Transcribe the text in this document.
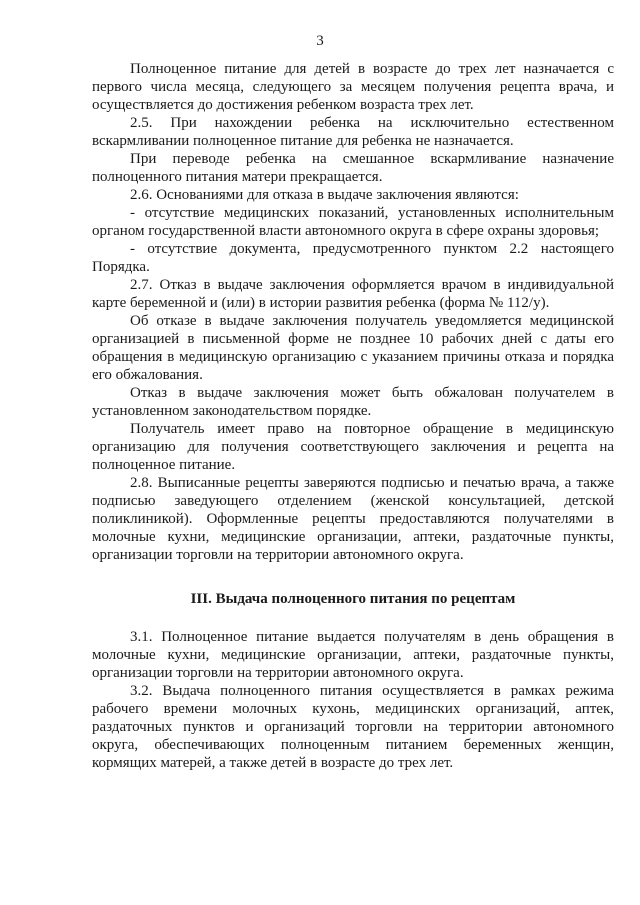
3

Полноценное питание для детей в возрасте до трех лет назначается с первого числа месяца, следующего за месяцем получения рецепта врача, и осуществляется до достижения ребенком возраста трех лет.

2.5. При нахождении ребенка на исключительно естественном вскармливании полноценное питание для ребенка не назначается.

При переводе ребенка на смешанное вскармливание назначение полноценного питания матери прекращается.

2.6. Основаниями для отказа в выдаче заключения являются:

- отсутствие медицинских показаний, установленных исполнительным органом государственной власти автономного округа в сфере охраны здоровья;

- отсутствие документа, предусмотренного пунктом 2.2 настоящего Порядка.

2.7. Отказ в выдаче заключения оформляется врачом в индивидуальной карте беременной и (или) в истории развития ребенка (форма № 112/у).

Об отказе в выдаче заключения получатель уведомляется медицинской организацией в письменной форме не позднее 10 рабочих дней с даты его обращения в медицинскую организацию с указанием причины отказа и порядка его обжалования.

Отказ в выдаче заключения может быть обжалован получателем в установленном законодательством порядке.

Получатель имеет право на повторное обращение в медицинскую организацию для получения соответствующего заключения и рецепта на полноценное питание.

2.8. Выписанные рецепты заверяются подписью и печатью врача, а также подписью заведующего отделением (женской консультацией, детской поликлиникой). Оформленные рецепты предоставляются получателями в молочные кухни, медицинские организации, аптеки, раздаточные пункты, организации торговли на территории автономного округа.

III. Выдача полноценного питания по рецептам

3.1. Полноценное питание выдается получателям в день обращения в молочные кухни, медицинские организации, аптеки, раздаточные пункты, организации торговли на территории автономного округа.

3.2. Выдача полноценного питания осуществляется в рамках режима рабочего времени молочных кухонь, медицинских организаций, аптек, раздаточных пунктов и организаций торговли на территории автономного округа, обеспечивающих полноценным питанием беременных женщин, кормящих матерей, а также детей в возрасте до трех лет.
